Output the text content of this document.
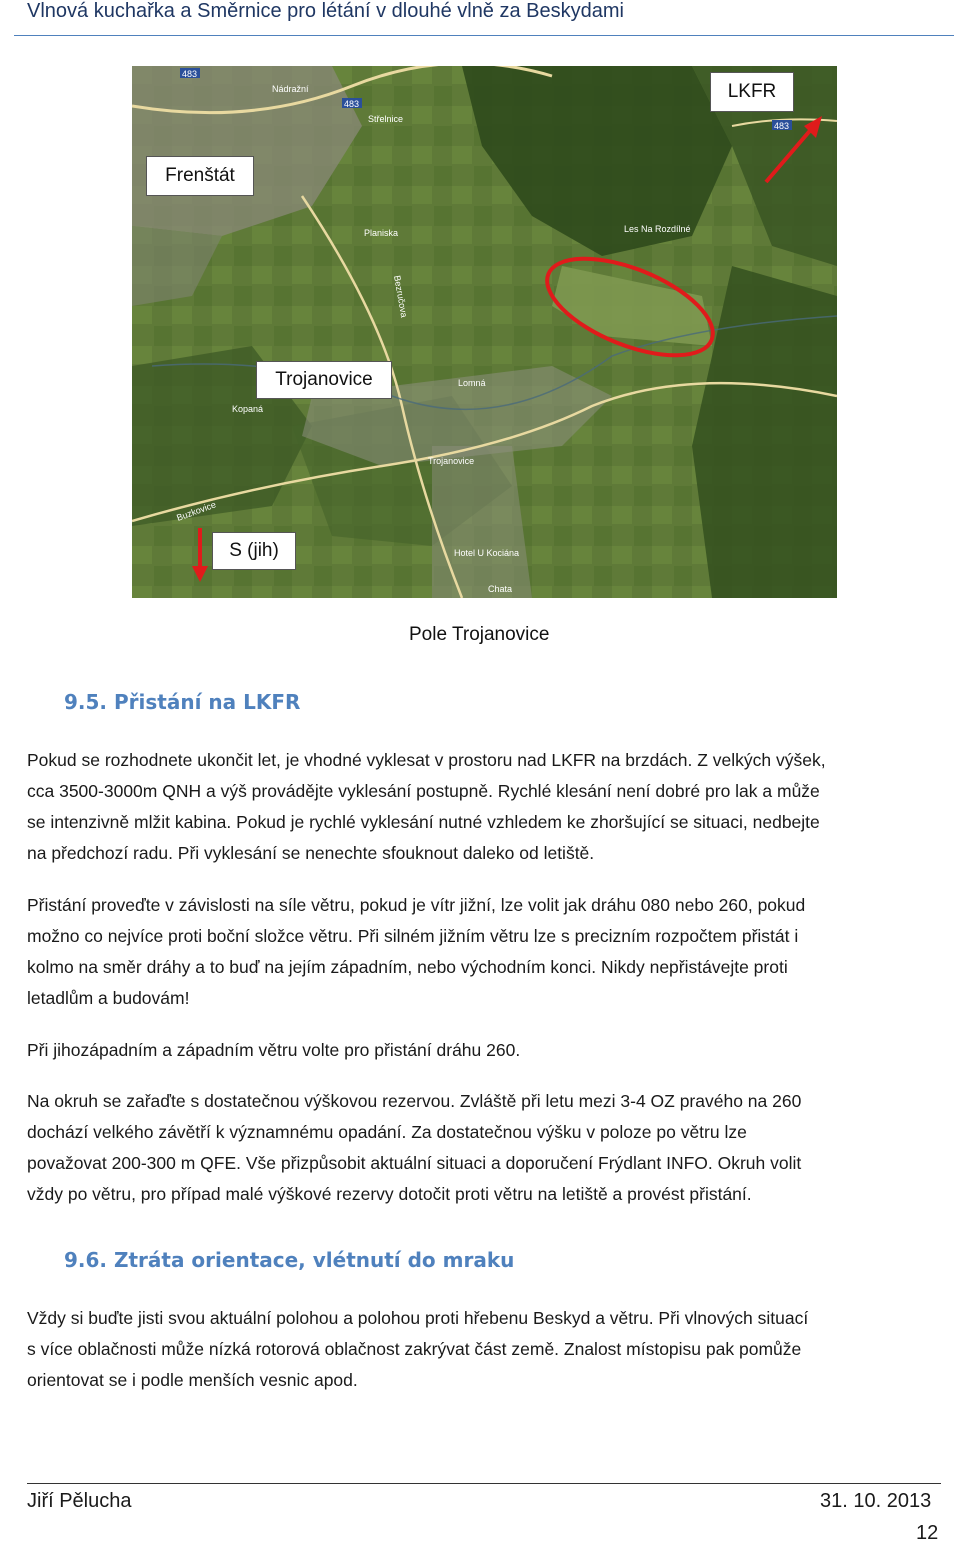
Vlnová kuchařka a Směrnice pro létání v dlouhé vlně za Beskydami
483
483
483
Nádražní
Střelnice
Les Na Rozdílné
Planiska
Bezručova
Kopaná
Lomná
Trojanovice
Buzkovice
Hotel U Kociána
Chata
LKFR
Frenštát
Trojanovice
S (jih)
Pole Trojanovice
9.5. Přistání na LKFR
Pokud se rozhodnete ukončit let, je vhodné vyklesat v prostoru nad LKFR na brzdách. Z velkých výšek,
cca 3500-3000m QNH a výš provádějte vyklesání postupně. Rychlé klesání není dobré pro lak a může
se intenzivně mlžit kabina. Pokud je rychlé vyklesání nutné vzhledem ke zhoršující se situaci, nedbejte
na předchozí radu. Při vyklesání se nenechte sfouknout daleko od letiště.
Přistání proveďte v závislosti na síle větru, pokud je vítr jižní, lze volit jak dráhu 080 nebo 260, pokud
možno co nejvíce proti boční složce větru. Při silném jižním větru lze s precizním rozpočtem přistát i
kolmo na směr dráhy a to buď na jejím západním, nebo východním konci. Nikdy nepřistávejte proti
letadlům a budovám!
Při jihozápadním a západním větru volte pro přistání dráhu 260.
Na okruh se zařaďte s dostatečnou výškovou rezervou. Zvláště při letu mezi 3-4 OZ pravého na 260
dochází velkého závětří k významnému opadání. Za dostatečnou výšku v poloze po větru lze
považovat 200-300 m QFE. Vše přizpůsobit aktuální situaci a doporučení Frýdlant INFO. Okruh volit
vždy po větru, pro případ malé výškové rezervy dotočit proti větru na letiště a provést přistání.
9.6. Ztráta orientace, vlétnutí do mraku
Vždy si buďte jisti svou aktuální polohou a polohou proti hřebenu Beskyd a větru. Při vlnových situací
s více oblačnosti může nízká rotorová oblačnost zakrývat část země. Znalost místopisu pak pomůže
orientovat se i podle menších vesnic apod.
Jiří Pělucha	31. 10. 2013
12
